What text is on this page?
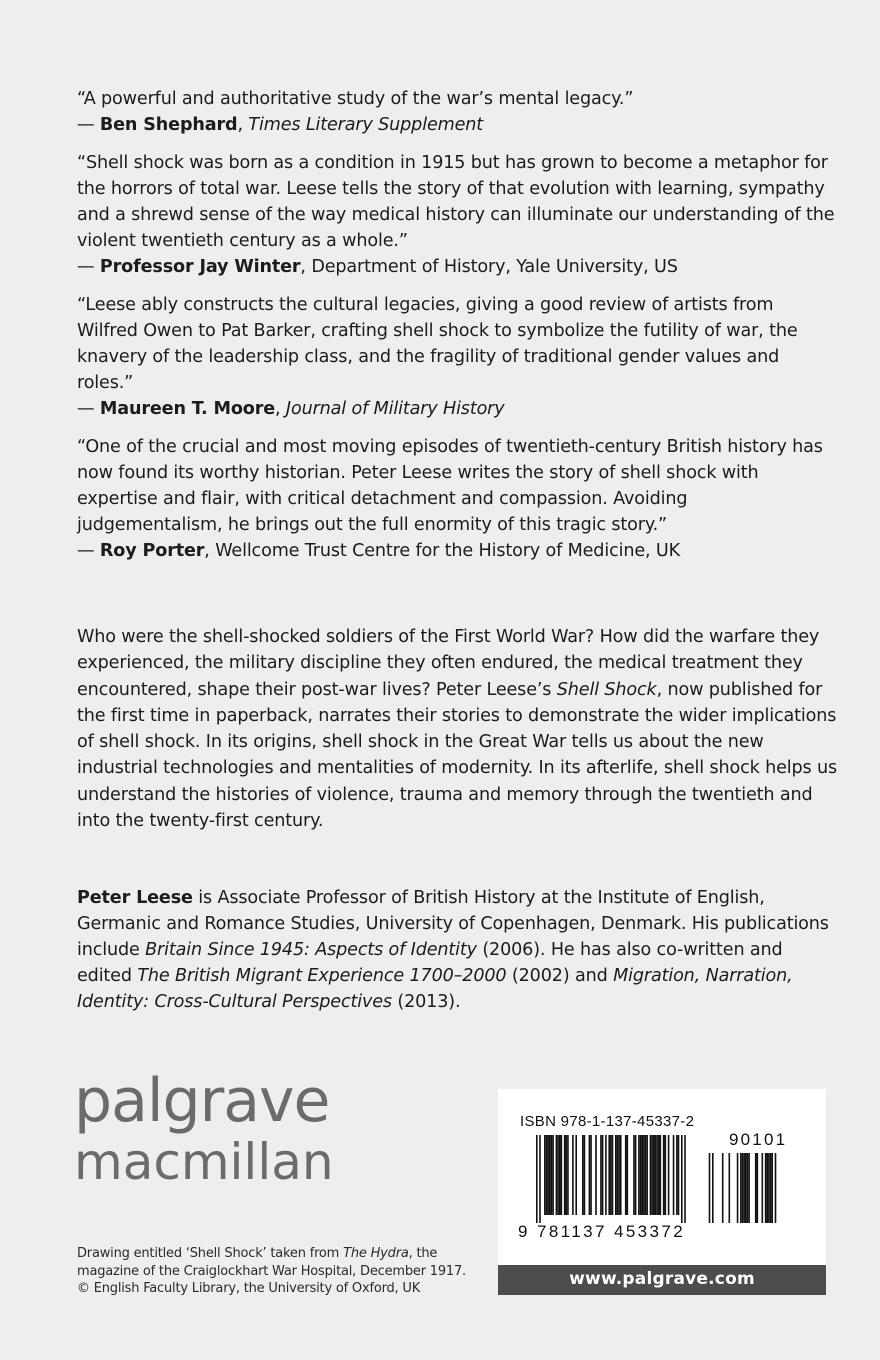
“A powerful and authoritative study of the war’s mental legacy.”

— Ben Shephard, Times Literary Supplement

“Shell shock was born as a condition in 1915 but has grown to become a metaphor for the horrors of total war. Leese tells the story of that evolution with learning, sympathy and a shrewd sense of the way medical history can illuminate our understanding of the violent twentieth century as a whole.”

— Professor Jay Winter, Department of History, Yale University, US

“Leese ably constructs the cultural legacies, giving a good review of artists from Wilfred Owen to Pat Barker, crafting shell shock to symbolize the futility of war, the knavery of the leadership class, and the fragility of traditional gender values and roles.”

— Maureen T. Moore, Journal of Military History

“One of the crucial and most moving episodes of twentieth-century British history has now found its worthy historian. Peter Leese writes the story of shell shock with expertise and flair, with critical detachment and compassion. Avoiding judgementalism, he brings out the full enormity of this tragic story.”

— Roy Porter, Wellcome Trust Centre for the History of Medicine, UK

Who were the shell-shocked soldiers of the First World War? How did the warfare they experienced, the military discipline they often endured, the medical treatment they encountered, shape their post-war lives? Peter Leese’s Shell Shock, now published for the first time in paperback, narrates their stories to demonstrate the wider implications of shell shock. In its origins, shell shock in the Great War tells us about the new industrial technologies and mentalities of modernity. In its afterlife, shell shock helps us understand the histories of violence, trauma and memory through the twentieth and into the twenty-first century.

Peter Leese is Associate Professor of British History at the Institute of English, Germanic and Romance Studies, University of Copenhagen, Denmark. His publications include Britain Since 1945: Aspects of Identity (2006). He has also co-written and edited The British Migrant Experience 1700–2000 (2002) and Migration, Narration, Identity: Cross-Cultural Perspectives (2013).

palgrave
macmillan

Drawing entitled ‘Shell Shock’ taken from The Hydra, the magazine of the Craiglockhart War Hospital, December 1917.
© English Faculty Library, the University of Oxford, UK

ISBN 978-1-137-45337-2
9 781137 453372
90101
www.palgrave.com
